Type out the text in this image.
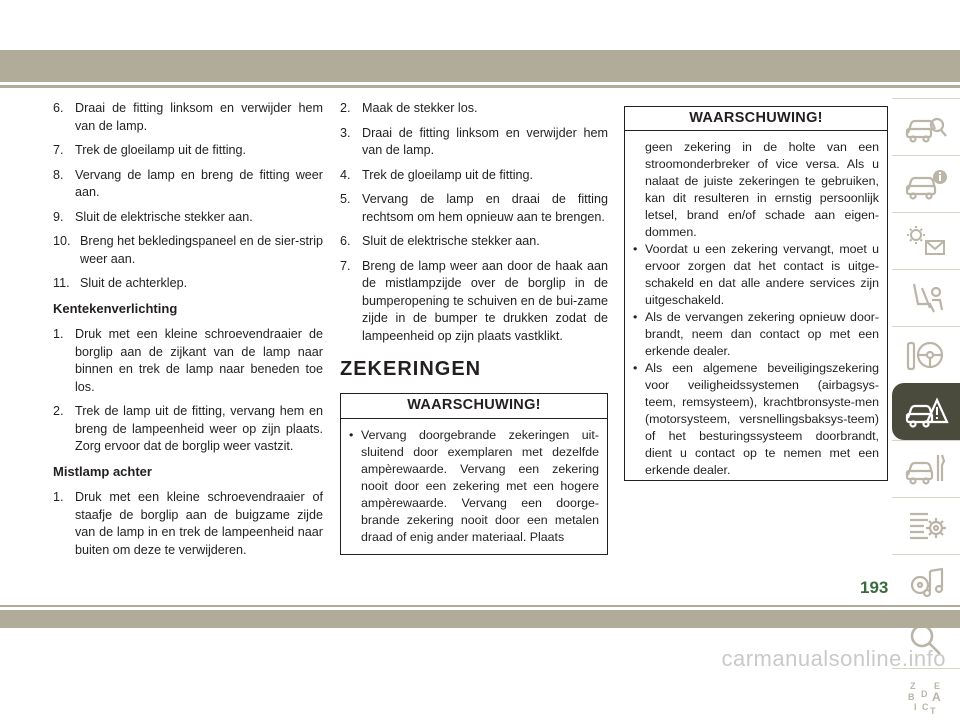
6. Draai de fitting linksom en verwijder hem van de lamp.
7. Trek de gloeilamp uit de fitting.
8. Vervang de lamp en breng de fitting weer aan.
9. Sluit de elektrische stekker aan.
10. Breng het bekledingspaneel en de sier-strip weer aan.
11. Sluit de achterklep.
Kentekenverlichting
1. Druk met een kleine schroevendraaier de borglip aan de zijkant van de lamp naar binnen en trek de lamp naar beneden toe los.
2. Trek de lamp uit de fitting, vervang hem en breng de lampeenheid weer op zijn plaats. Zorg ervoor dat de borglip weer vastzit.
Mistlamp achter
1. Druk met een kleine schroevendraaier of staafje de borglip aan de buigzame zijde van de lamp in en trek de lampeenheid naar buiten om deze te verwijderen.
2. Maak de stekker los.
3. Draai de fitting linksom en verwijder hem van de lamp.
4. Trek de gloeilamp uit de fitting.
5. Vervang de lamp en draai de fitting rechtsom om hem opnieuw aan te brengen.
6. Sluit de elektrische stekker aan.
7. Breng de lamp weer aan door de haak aan de mistlampzijde over de borglip in de bumperopening te schuiven en de bui-zame zijde in de bumper te drukken zodat de lampeenheid op zijn plaats vastklikt.
ZEKERINGEN
WAARSCHUWING!
• Vervang doorgebrande zekeringen uit-sluitend door exemplaren met dezelfde ampèrewaarde. Vervang een zekering nooit door een zekering met een hogere ampèrewaarde. Vervang een doorge-brande zekering nooit door een metalen draad of enig ander materiaal. Plaats
WAARSCHUWING!
geen zekering in de holte van een stroomonderbreker of vice versa. Als u nalaat de juiste zekeringen te gebruiken, kan dit resulteren in ernstig persoonlijk letsel, brand en/of schade aan eigen-dommen.
• Voordat u een zekering vervangt, moet u ervoor zorgen dat het contact is uitge-schakeld en dat alle andere services zijn uitgeschakeld.
• Als de vervangen zekering opnieuw door-brandt, neem dan contact op met een erkende dealer.
• Als een algemene beveiligingszekering voor veiligheidssystemen (airbagsys-teem, remsysteem), krachtbronsyste-men (motorsysteem, versnellingsbaksys-teem) of het besturingssysteem doorbrandt, dient u contact op te nemen met een erkende dealer.
Z E
B A
I C T
D
193
carmanualsonline.info
